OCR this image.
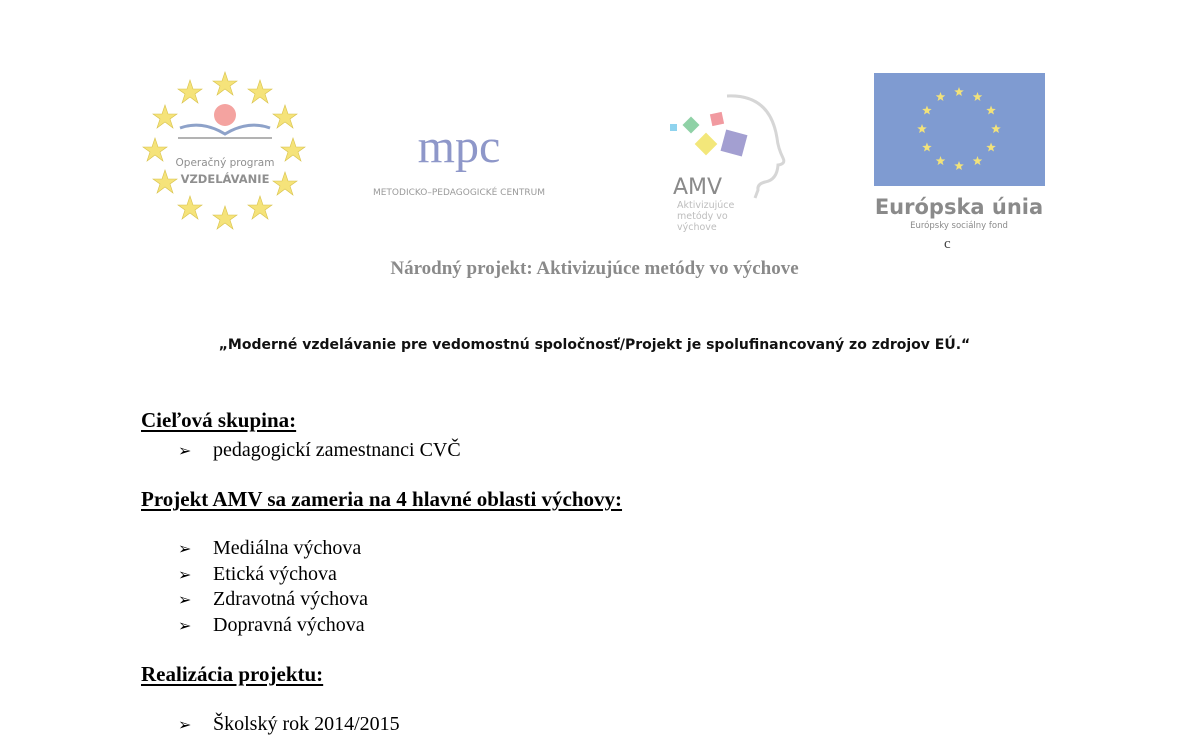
Operačný program
VZDELÁVANIE
mpc
METODICKO–PEDAGOGICKÉ CENTRUM	AMV
Aktivizujúce
metódy vo
výchove
Európska únia
Európsky sociálny fond
c
Národný projekt: Aktivizujúce metódy vo výchove
„Moderné vzdelávanie pre vedomostnú spoločnosť/Projekt je spolufinancovaný zo zdrojov EÚ.“
Cieľová skupina:
➢ pedagogickí zamestnanci CVČ
Projekt AMV sa zameria na 4 hlavné oblasti výchovy:
➢ Mediálna výchova
➢ Etická výchova
➢ Zdravotná výchova
➢ Dopravná výchova
Realizácia projektu:
➢ Školský rok 2014/2015
